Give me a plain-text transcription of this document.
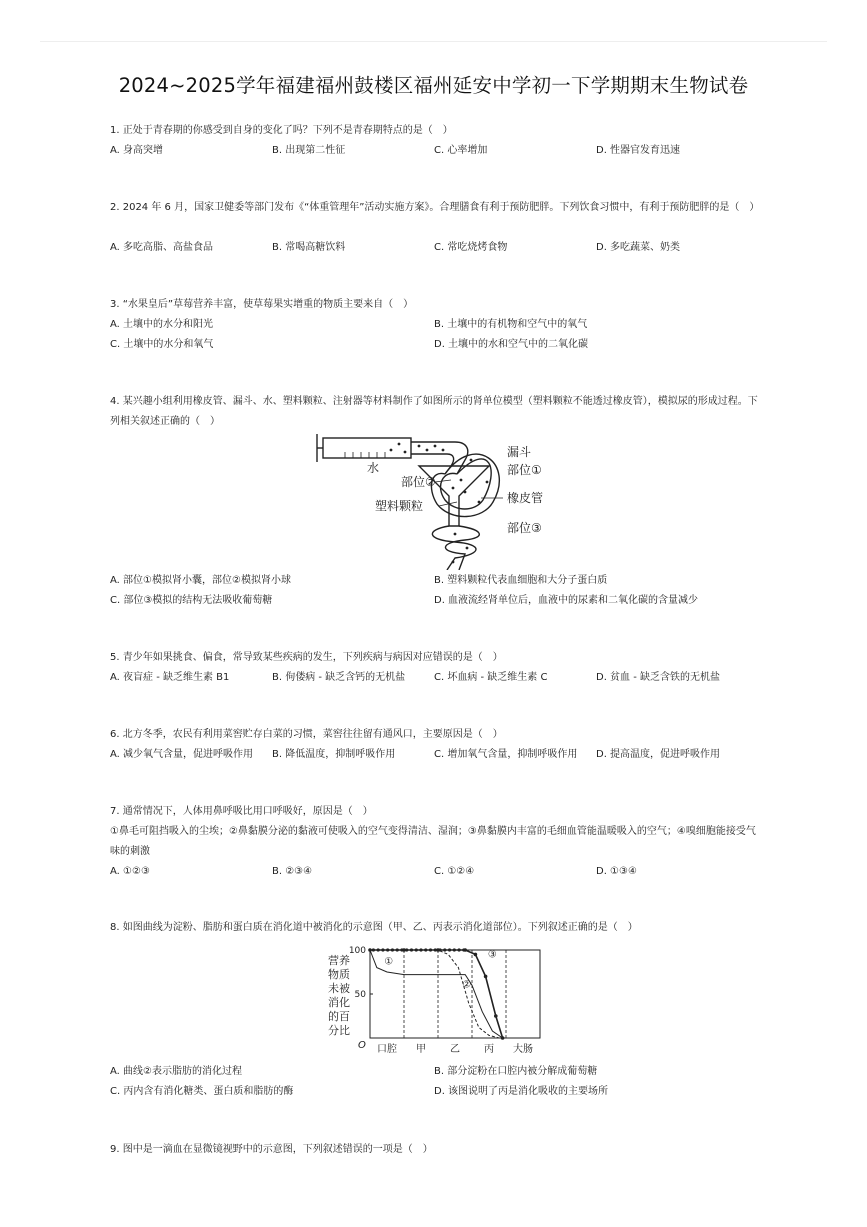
2024~2025学年福建福州鼓楼区福州延安中学初一下学期期末生物试卷
1. 正处于青春期的你感受到自身的变化了吗？下列不是青春期特点的是（　）
A. 身高突增	B. 出现第二性征	C. 心率增加	D. 性器官发育迅速
2. 2024 年 6 月，国家卫健委等部门发布《“体重管理年”活动实施方案》。合理膳食有利于预防肥胖。下列饮食习惯中，有利于预防肥胖的是（　）
A. 多吃高脂、高盐食品	B. 常喝高糖饮料	C. 常吃烧烤食物	D. 多吃蔬菜、奶类
3. “水果皇后”草莓营养丰富，使草莓果实增重的物质主要来自（　）
A. 土壤中的水分和阳光	B. 土壤中的有机物和空气中的氧气
C. 土壤中的水分和氧气	D. 土壤中的水和空气中的二氧化碳
4. 某兴趣小组利用橡皮管、漏斗、水、塑料颗粒、注射器等材料制作了如图所示的肾单位模型（塑料颗粒不能透过橡皮管），模拟尿的形成过程。下列相关叙述正确的（　）
水
漏斗
部位①
部位②
橡皮管
塑料颗粒
部位③
A. 部位①模拟肾小囊，部位②模拟肾小球	B. 塑料颗粒代表血细胞和大分子蛋白质
C. 部位③模拟的结构无法吸收葡萄糖	D. 血液流经肾单位后，血液中的尿素和二氧化碳的含量减少
5. 青少年如果挑食、偏食，常导致某些疾病的发生，下列疾病与病因对应错误的是（　）
A. 夜盲症 - 缺乏维生素 B1	B. 佝偻病 - 缺乏含钙的无机盐	C. 坏血病 - 缺乏维生素 C	D. 贫血 - 缺乏含铁的无机盐
6. 北方冬季，农民有利用菜窖贮存白菜的习惯，菜窖往往留有通风口，主要原因是（　）
A. 减少氧气含量，促进呼吸作用 B. 降低温度，抑制呼吸作用	C. 增加氧气含量，抑制呼吸作用 D. 提高温度，促进呼吸作用
7. 通常情况下，人体用鼻呼吸比用口呼吸好，原因是（　）
①鼻毛可阻挡吸入的尘埃；②鼻黏膜分泌的黏液可使吸入的空气变得清洁、湿润；③鼻黏膜内丰富的毛细血管能温暖吸入的空气；④嗅细胞能接受气味的刺激
A. ①②③	B. ②③④	C. ①②④	D. ①③④
8. 如图曲线为淀粉、脂肪和蛋白质在消化道中被消化的示意图（甲、乙、丙表示消化道部位）。下列叙述正确的是（　）
营养物质未被消化的百分比
100
50
O 口腔 甲 乙 丙 大肠
①
②
③
A. 曲线②表示脂肪的消化过程	B. 部分淀粉在口腔内被分解成葡萄糖
C. 丙内含有消化糖类、蛋白质和脂肪的酶	D. 该图说明了丙是消化吸收的主要场所
9. 图中是一滴血在显微镜视野中的示意图，下列叙述错误的一项是（　）
